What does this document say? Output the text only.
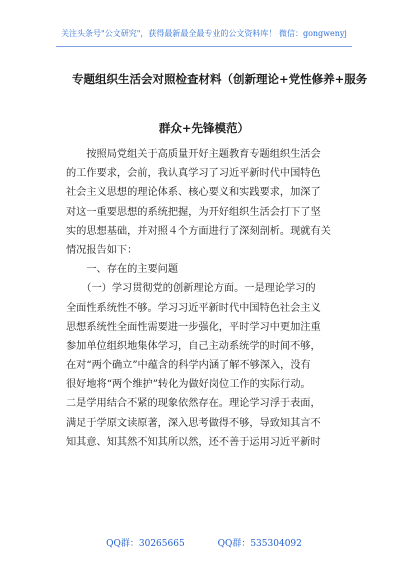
关注头条号"公文研究"，获得最新最全最专业的公文资料库！ 微信：gongwenyj
专题组织生活会对照检查材料（创新理论+党性修养+服务
群众+先锋模范）
　　按照局党组关于高质量开好主题教育专题组织生活会
的工作要求，会前，我认真学习了习近平新时代中国特色
社会主义思想的理论体系、核心要义和实践要求，加深了
对这一重要思想的系统把握，为开好组织生活会打下了坚
实的思想基础，并对照４个方面进行了深刻剖析。现就有关
情况报告如下：
　　一、存在的主要问题
　　（一）学习贯彻党的创新理论方面。一是理论学习的
全面性系统性不够。学习习近平新时代中国特色社会主义
思想系统性全面性需要进一步强化，平时学习中更加注重
参加单位组织地集体学习，自己主动系统学的时间不够，
在对“两个确立”中蕴含的科学内涵了解不够深入，没有
很好地将“两个维护”转化为做好岗位工作的实际行动。
二是学用结合不紧的现象依然存在。理论学习浮于表面，
满足于学原文读原著，深入思考做得不够，导致知其言不
知其意、知其然不知其所以然，还不善于运用习近平新时
QQ群：30265665	QQ群：535304092
